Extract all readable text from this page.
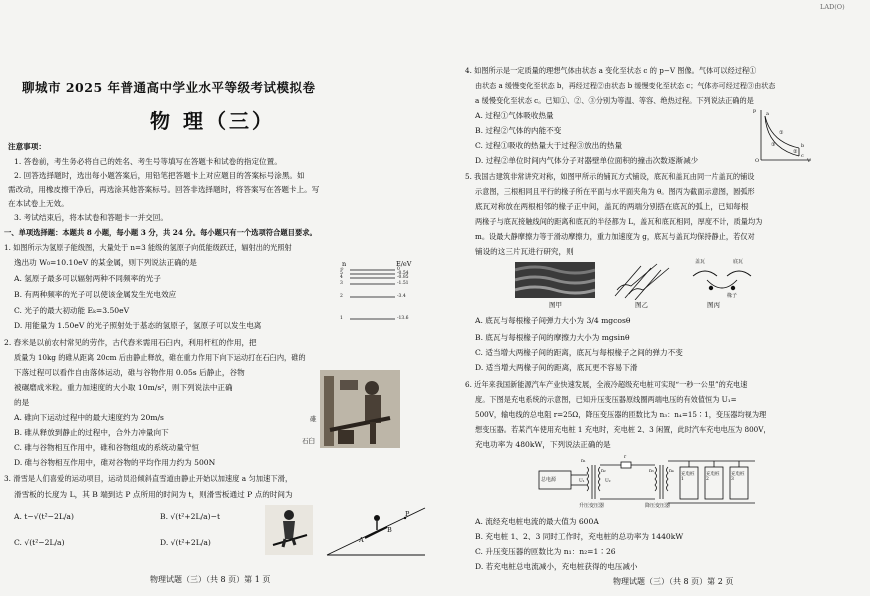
LAD(O)
聊城市 2025 年普通高中学业水平等级考试模拟卷
物 理（三）
注意事项：
1. 答卷前，考生务必将自己的姓名、考生号等填写在答题卡和试卷的指定位置。
2. 回答选择题时，选出每小题答案后，用铅笔把答题卡上对应题目的答案标号涂黑。如
需改动，用橡皮擦干净后，再选涂其他答案标号。回答非选择题时，将答案写在答题卡上。写
在本试卷上无效。
3. 考试结束后，将本试卷和答题卡一并交回。
一、单项选择题：本题共 8 小题，每小题 3 分，共 24 分。每小题只有一个选项符合题目要求。
1. 如图所示为氢原子能级图，大量处于 n=3 能级的氢原子向低能级跃迁，辐射出的光照射
逸出功 W₀=10.10eV 的某金属，则下列说法正确的是
A. 氢原子最多可以辐射两种不同频率的光子
B. 有两种频率的光子可以使该金属发生光电效应
C. 光子的最大初动能 Eₖ=3.50eV
D. 用能量为 1.50eV 的光子照射处于基态的氢原子，氢原子可以发生电离
n	E/eV
∞	0
5	-0.54
4	-0.85
3	-1.51
2	-3.4
1	-13.6
2. 舂米是以前农村常见的劳作，古代舂米需用石臼内，利用杆杠的作用，把
质量为 10kg 的碓从距离 20cm 后由静止释放，碓在重力作用下向下运动打在石臼内，碓的
下落过程可以看作自由落体运动，碓与谷物作用 0.05s 后静止，谷物
被碾磨成米粒。重力加速度的大小取 10m/s²，则下列说法中正确
的是
A. 碓向下运动过程中的最大速度约为 20m/s
B. 碓从释放到静止的过程中，合外力冲量向下
C. 碓与谷物相互作用中，碓和谷物组成的系统动量守恒
D. 碓与谷物相互作用中，碓对谷物的平均作用力约为 500N
碓
石臼
3. 滑雪是人们喜爱的运动项目，运动员沿倾斜直雪道由静止开始以加速度 a 匀加速下滑，
滑雪板的长度为 L，其 B 端到达 P 点所用的时间为 t，则滑雪板通过 P 点的时间为
A. t−√(t²−2L/a)	B. √(t²+2L/a)−t
C. √(t²−2L/a)	D. √(t²+2L/a)	A
B
P
物理试题（三）（共 8 页）第 1 页
4. 如图所示是一定质量的理想气体由状态 a 变化至状态 c 的 p−V 图像。气体可以经过程①
由状态 a 缓慢变化至状态 b，再经过程②由状态 b 缓慢变化至状态 c；气体亦可经过程③由状态
a 缓慢变化至状态 c。已知①、②、③分别为等温、等容、绝热过程。下列说法正确的是
A. 过程①气体吸收热量
B. 过程②气体的内能不变
C. 过程①吸收的热量大于过程③放出的热量
D. 过程②单位时间内气体分子对器壁单位面积的撞击次数逐渐减少
p
V
O
a
b
c
①
②
③
5. 我国古建筑非常讲究对称，如图甲所示的铺瓦方式铺设，底瓦和盖瓦由同一片盖瓦的铺设
示意图，三根相同且平行的椽子所在平面与水平面夹角为 θ。图丙为截面示意图，圆弧形
底瓦对称放在两根相邻的椽子正中间，盖瓦的两端分别搭在底瓦的弧上，已知每根
两椽子与底瓦接触线间的距离和底瓦的半径都为 L，盖瓦和底瓦相同，厚度不计，质量均为
m。设最大静摩擦力等于滑动摩擦力，重力加速度为 g，底瓦与盖瓦均保持静止，若仅对
铺设的这三片瓦进行研究，则
图甲	图乙
盖瓦	底瓦
椽子
图丙
A. 底瓦与每根椽子间弹力大小为 3/4 mgcosθ
B. 底瓦与每根椽子间的摩擦力大小为 mgsinθ
C. 适当增大两椽子间的距离，底瓦与每根椽子之间的弹力不变
D. 适当增大两椽子间的距离，底瓦更不容易下滑
6. 近年来我国新能源汽车产业快速发展，全液冷超级充电桩可实现“一秒一公里”的充电速
度。下图是充电系统的示意图，已知升压变压器原线圈两端电压的有效值恒为 U₁=
500V，输电线的总电阻 r=25Ω，降压变压器的匝数比为 n₃：n₄=15∶1，变压器均视为理
想变压器。若某汽车使用充电桩 1 充电时，充电桩 2、3 闲置，此时汽车充电电压为 800V，
充电功率为 480kW，下列说法正确的是
总电源
充电桩1
充电桩2
充电桩3
升压变压器	降压变压器
n₁
n₂	n₃	n₄
U₁	U₂
r
A. 流经充电桩电流的最大值为 600A
B. 充电桩 1、2、3 同时工作时，充电桩的总功率为 1440kW
C. 升压变压器的匝数比为 n₁：n₂=1∶26
D. 若充电桩总电流减小，充电桩获得的电压减小
物理试题（三）（共 8 页）第 2 页
